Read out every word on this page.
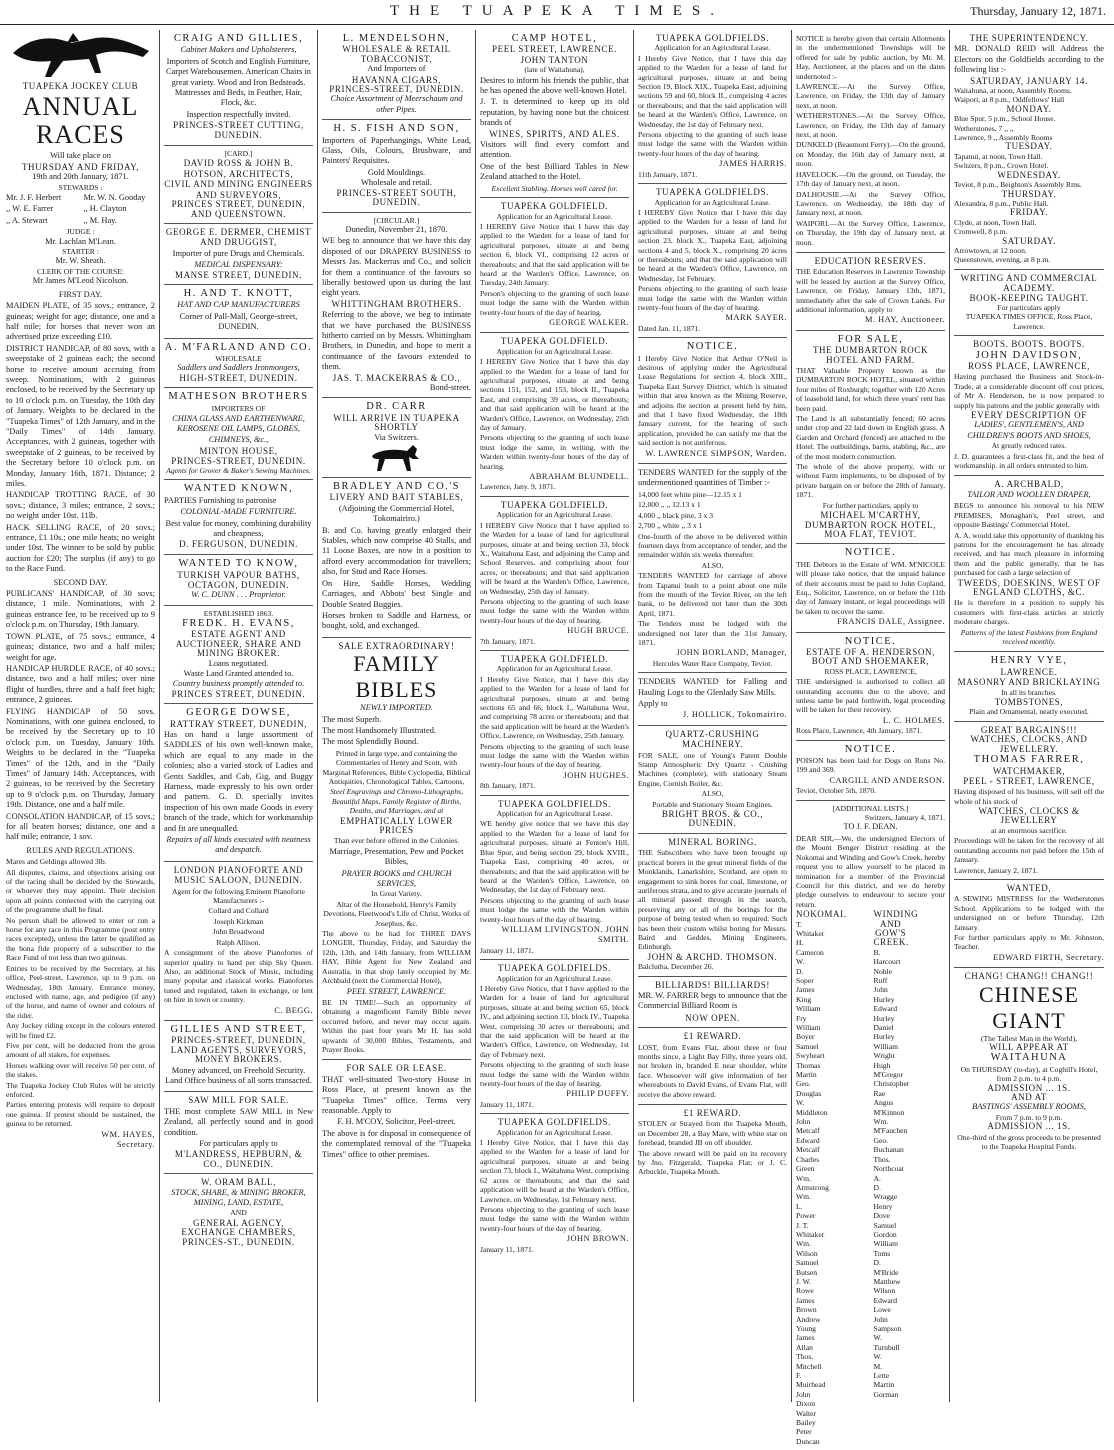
THE TUAPEKA TIMES.	Thursday, January 12, 1871.
TUAPEKA JOCKEY CLUB
ANNUAL RACES
Will take place on
THURSDAY AND FRIDAY,
19th and 20th January, 1871.
STEWARDS :

Mr. J. F. Herbert

,, W. E. Farrer

,, A. Stewart

Mr. W. N. Gooday

,, H. Clayton

,, M. Hay.

JUDGE :
Mr. Lachlan M'Lean.
STARTER :
Mr. W. Sheath.
CLERK OF THE COURSE:
Mr James M'Leod Nicolson.
FIRST DAY.

MAIDEN PLATE, of 35 sovs.; entrance, 2 guineas; weight for age; distance, one and a half mile; for horses that never won an advertised prize exceeding £10.

DISTRICT HANDICAP, of 80 sovs, with a sweepstake of 2 guineas each; the second horse to receive amount accruing from sweep. Nominations, with 2 guineas enclosed, to be received by the Secretary up to 10 o'clock p.m. on Tuesday, the 10th day of January. Weights to be declared in the "Tuapeka Times" of 12th January, and in the "Daily Times" of 14th January. Acceptances, with 2 guineas, together with sweepstake of 2 guineas, to be received by the Secretary before 10 o'clock p.m. on Monday, January 16th, 1871. Distance; 2 miles.

HANDICAP TROTTING RACE, of 30 sovs.; distance, 3 miles; entrance, 2 sovs.; no weight under 10st. 11lb.

HACK SELLING RACE, of 20 sovs.; entrance, £1 10s.; one mile heats; no weight under 10st. The winner to be sold by public auction for £20; The surplus (if any) to go to the Race Fund.

SECOND DAY.

PUBLICANS' HANDICAP, of 30 sovs; distance, 1 mile. Nominations, with 2 guineas entrance fee, to be received up to 9 o'clock p.m. on Thursday, 19th January.

TOWN PLATE, of 75 sovs.; entrance, 4 guineas; distance, two and a half miles; weight for age.

HANDICAP HURDLE RACE, of 40 sovs.; distance, two and a half miles; over nine flight of hurdles, three and a half feet high; entrance, 2 guineas.

FLYING HANDICAP of 50 sovs. Nominations, with one guinea enclosed, to be received by the Secretary up to 10 o'clock p.m. on Tuesday, January 10th. Weights to be declared in the "Tuapeka Times" of the 12th, and in the "Daily Times" of January 14th. Acceptances, with 2 guineas, to be received by the Secretary up to 9 o'clock p.m. on Thursday, January 19th. Distance, one and a half mile.

CONSOLATION HANDICAP, of 15 sovs.; for all beaten horses; distance, one and a half mile; entrance, 1 sov.

RULES AND REGULATIONS.

Mares and Geldings allowed 3lb.

All disputes, claims, and objections arising out of the racing shall be decided by the Stewards, or whoever they may appoint. Their decision upon all points connected with the carrying out of the programme shall be final.

No person shall be allowed to enter or run a horse for any race in this Programme (post entry races excepted), unless the latter be qualified as the bona fide property of a subscriber to the Race Fund of not less than two guineas.

Entries to be received by the Secretary, at his office, Peel-street, Lawrence, up to 9 p.m. on Wednesday, 18th January. Entrance money, enclosed with name, age, and pedigree (if any) of the horse, and name of owner and colours of the rider.

Any Jockey riding except in the colours entered will be fined £2.

Five per cent, will be deducted from the gross amount of all stakes, for expenses.

Horses walking over will receive 50 per cent. of the stakes.

The Tuapeka Jockey Club Rules will be strictly enforced.

Parties entering protests will require to deposit one guinea. If protest should be sustained, the guinea to be returned.

WM. HAYES,
Secretary.
CRAIG AND GILLIES,
Cabinet Makers and Upholsterers,

Importers of Scotch and English Furniture, Carpet Warehousemen. American Chairs in great variety. Wood and Iron Bedsteads. Mattresses and Beds, in Feather, Hair, Flock, &c.

Inspection respectfully invited.

PRINCES-STREET CUTTING, DUNEDIN.

[CARD.]
DAVID ROSS & JOHN B. HOTSON, ARCHITECTS,
CIVIL AND MINING ENGINEERS AND SURVEYORS,
PRINCES STREET, DUNEDIN, AND QUEENSTOWN.
GEORGE E. DERMER, CHEMIST AND DRUGGIST,

Importer of pure Drugs and Chemicals.

MEDICAL DISPENSARY:
MANSE STREET, DUNEDIN.
H. AND T. KNOTT,
HAT AND CAP MANUFACTURERS

Corner of Pall-Mall, George-street, DUNEDIN.

A. M'FARLAND AND CO.
WHOLESALE
Saddlers and Saddlers Ironmongers,
HIGH-STREET, DUNEDIN.
MATHESON BROTHERS
IMPORTERS OF

CHINA GLASS AND EARTHENWARE, KEROSENE OIL LAMPS, GLOBES, CHIMNEYS, &c.,

MINTON HOUSE,
PRINCES-STREET, DUNEDIN.
Agents for Grover & Baker's Sewing Machines.
WANTED KNOWN,

PARTIES Furnishing to patronise

COLONIAL-MADE FURNITURE.

Best value for money, combining durability and cheapness,

D. FERGUSON, DUNEDIN.
WANTED TO KNOW,
TURKISH VAPOUR BATHS,
OCTAGON, DUNEDIN.
W. C. DUNN . . . Proprietor.
ESTABLISHED 1863.
FREDK. H. EVANS,
ESTATE AGENT AND AUCTIONEER, SHARE AND MINING BROKER.
Loans negotiated.
Waste Land Granted attended to.
Country business promptly attended to.
PRINCES STREET, DUNEDIN.
GEORGE DOWSE,
RATTRAY STREET, DUNEDIN,

Has on hand a large assortment of SADDLES of his own well-known make, which are equal to any made in the colonies; also a varied stock of Ladies and Gents Saddles, and Cab, Gig, and Buggy Harness, made expressly to his own order and pattern. G. D. specially invites inspection of his own made Goods in every branch of the trade, which for workmanship and fit are unequalled.

Repairs of all kinds executed with neatness and despatch.

LONDON PIANOFORTE AND MUSIC SALOON, DUNEDIN.

Agent for the following Eminent Pianoforte Manufacturers :-

Collard and Collard

Joseph Kirkman

John Broadwood

Ralph Allison.

A consignment of the above Pianofortes of superior quality to hand per ship Sky Queen. Also, an additional Stock of Music, including many popular and classical works. Pianofortes tuned and regulated, taken in exchange, or lent on hire in town or country.

C. BEGG.
GILLIES AND STREET,
PRINCES-STREET, DUNEDIN,
LAND AGENTS, SURVEYORS, MONEY BROKERS.

Money advanced, on Freehold Security. Land Office business of all sorts transacted.

SAW MILL FOR SALE.

THE most complete SAW MILL in New Zealand, all perfectly sound and in good condition.

For particulars apply to

M'LANDRESS, HEPBURN, & CO., DUNEDIN.
W. ORAM BALL,
STOCK, SHARE, & MINING BROKER, MINING, LAND, ESTATE,
AND
GENERAL AGENCY,
EXCHANGE CHAMBERS, PRINCES-ST., DUNEDIN.
L. MENDELSOHN,
WHOLESALE & RETAIL TOBACCONIST,
And Importers of
HAVANNA CIGARS,
PRINCES-STREET, DUNEDIN.
Choice Assortment of Meerschaum and other Pipes.
H. S. FISH AND SON,

Importers of Paperhangings, White Lead, Glass, Oils, Colours, Brushware, and Painters' Requisites.

Gold Mouldings.
Wholesale and retail.
PRINCES-STREET SOUTH, DUNEDIN.
[CIRCULAR.]
Dunedin, November 21, 1870.

WE beg to announce that we have this day disposed of our DRAPERY BUSINESS to Messrs Jas. Mackerras and Co., and solicit for them a continuance of the favours so liberally bestowed upon us during the last eight years.

WHITTINGHAM BROTHERS.

Referring to the above, we beg to intimate that we have purchased the BUSINESS hitherto carried on by Messrs. Whittingham Brothers, in Dunedin, and hope to merit a continuance of the favours extended to them.

JAS. T. MACKERRAS & CO.,
Bond-street.
DR. CARR
WILL ARRIVE IN TUAPEKA SHORTLY
Via Switzers.
BRADLEY AND CO.'S
LIVERY AND BAIT STABLES,

(Adjoining the Commercial Hotel, Tokomairiro.)

B. and Co. having greatly enlarged their Stables, which now comprise 40 Stalls, and 11 Loose Boxes, are now in a position to afford every accommodation for travellers; also, for Stud and Race Horses.

On Hire, Saddle Horses, Wedding Carriages, and Abbots' best Single and Double Seated Buggies.

Horses broken to Saddle and Harness, or bought, sold, and exchanged.

SALE EXTRAORDINARY!
FAMILY BIBLES
NEWLY IMPORTED.

The most Superb.

The most Handsomely Illustrated.

The most Splendidly Bound.

Printed in large type, and containing the Commentaries of Henry and Scott, with Marginal References, Bible Cyclopedia, Biblical Antiquities, Chronological Tables, Cartoons,

Steel Engravings and Chromo-Lithographs, Beautiful Maps, Family Register of Births, Deaths, and Marriages, and at

EMPHATICALLY LOWER PRICES

Than ever before offered in the Colonies.

Marriage, Presentation, Pew and Pocket Bibles,

PRAYER BOOKS and CHURCH SERVICES,
In Great Variety.

Altar of the Household, Henry's Family Devotions, Fleetwood's Life of Christ, Works of Josephus, &c.

The above to be had for THREE DAYS LONGER, Thursday, Friday, and Saturday the 12th, 13th, and 14th January, from WILLIAM HAY, Bible Agent for New Zealand and Australia, in that shop lately occupied by Mr. Archbald (next the Commercial Hotel),

PEEL STREET, LAWRENCE.

BE IN TIME!—Such an opportunity of obtaining a magnificent Family Bible never occurred before, and never may occur again. Within the past four years Mr H. has sold upwards of 30,000 Bibles, Testaments, and Prayer Books.

FOR SALE OR LEASE.

THAT well-situated Two-story House in Ross Place, at present known as the "Tuapeka Times" office. Terms very reasonable. Apply to

F. H. M'COY, Solicitor, Peel-street.

The above is for disposal in consequence of the contemplated removal of the "Tuapeka Times" office to other premises.

CAMP HOTEL,
PEEL STREET, LAWRENCE.
JOHN TANTON
(late of Waitahuna),

Desires to inform his friends the public, that he has opened the above well-known Hotel.

J. T. is determined to keep up its old reputation, by having none but the choicest brands of

WINES, SPIRITS, AND ALES.

Visitors will find every comfort and attention.

One of the best Billiard Tables in New Zealand attached to the Hotel.

Excellent Stabling. Horses well cared for.
TUAPEKA GOLDFIELD.
Application for an Agricultural Lease.

I HEREBY Give Notice that I have this day applied to the Warden for a lease of land for agricultural purposes, situate at and being section 6, block VI., comprising 12 acres or thereabouts; and that the said application will be heard at the Warden's Office, Lawrence, on Tuesday, 24th January.

Person's objecting to the granting of such lease must lodge the same with the Warden within twenty-four hours of the day of hearing.

GEORGE WALKER.
TUAPEKA GOLDFIELD.
Application for an Agricultural Lease.

I HEREBY Give Notice that I have this day applied to the Warden for a lease of land for agricultural purposes, situate at and being sections 151, 152, and 153, block II., Tuapeka East, and comprising 39 acres, or thereabouts; and that said application will be heard at the Warden's Office, Lawrence, on Wednesday, 25th day of January.

Persons objecting to the granting of such lease must lodge the same, in writing, with the Warden within twenty-four hours of the day of hearing.

ABRAHAM BLUNDELL.
Lawrence, Jany. 9, 1871.
TUAPEKA GOLDFIELD.
Application for an Agricultural Lease.

I HEREBY Give Notice that I have applied to the Warden for a lease of land for agricultural purposes, situate at and being section 33, block X., Waitahuna East, and adjoining the Camp and School Reserves, and comprising about four acres, or thereabouts; and that said application will be heard at the Warden's Office, Lawrence, on Wednesday, 25th day of January.

Persons objecting to the granting of such lease must lodge the same with the Warden within twenty-four hours of the day of hearing.

HUGH BRUCE.
7th January, 1871.
TUAPEKA GOLDFIELD.
Application for an Agricultural Lease.

I Hereby Give Notice, that I have this day applied to the Warden for a lease of land for agricultural purposes, situate at and being sections 65 and 66, block I., Waitahuna West, and comprising 78 acres or thereabouts; and that the said application will be heard at the Warden's Office, Lawrence, on Wednesday, 25th January.

Persons objecting to the granting of such lease must lodge the same with the Warden within twenty-four hours of the day of hearing.

JOHN HUGHES.
8th January, 1871.
TUAPEKA GOLDFIELDS.
Application for an Agricultural Lease.

WE hereby give notice that we have this day applied to the Warden for a lease of land for agricultural purposes, situate at Fenton's Hill, Blue Spur, and being section 29, block XVIII., Tuapeka East, comprising 40 acres, or thereabouts; and that the said application will be heard at the Warden's Office, Lawrence, on Wednesday, the 1st day of February next.

Persons objecting to the granting of such lease must lodge the same with the Warden within twenty-four hours of the day of hearing.

WILLIAM LIVINGSTON. JOHN SMITH.
January 11, 1871.
TUAPEKA GOLDFIELDS.
Application for an Agricultural Lease.

I Hereby Give Notice, that I have applied to the Warden for a lease of land for agricultural purposes, situate at and being section 65, block IV., and adjoining section 13, block IV., Tuapeka West, comprising 30 acres or thereabouts; and that the said application will be heard at the Warden's Office, Lawrence, on Wednesday, 1st day of February next.

Persons objecting to the granting of such lease must lodge the same with the Warden within twenty-four hours of the day of hearing.

PHILIP DUFFY.
January 11, 1871.
TUAPEKA GOLDFIELDS.
Application for an Agricultural Lease.

I Hereby Give Notice, that I have this day applied to the Warden for a lease of land for agricultural purposes, situate at and being section 73, block I., Waitahuna West, comprising 62 acres or thereabouts; and that the said application will be heard at the Warden's Office, Lawrence, on Wednesday, 1st February next.

Persons objecting to the granting of such lease must lodge the same with the Warden within twenty-four hours of the day of hearing.

JOHN BROWN.
January 11, 1871.
TUAPEKA GOLDFIELDS.
Application for an Agricultural Lease.

I Hereby Give Notice, that I have this day applied to the Warden for a lease of land for agricultural purposes, situate at and being Section 19, Block XIX., Tuapeka East, adjoining sections 59 and 60, block II., comprising 4 acres or thereabouts; and that the said application will be heard at the Warden's Office, Lawrence, on Wednesday, the 1st day of February next.

Persons objecting to the granting of such lease must lodge the same with the Warden within twenty-four hours of the day of hearing.

JAMES HARRIS.
11th January, 1871.
TUAPEKA GOLDFIELDS.
Application for an Agricultural Lease.

I HEREBY Give Notice that I have this day applied to the Warden for a lease of land for agricultural purposes, situate at and being section 23, block X., Tuapeka East, adjoining sections 4 and 5, block X., comprising 20 acres or thereabouts; and that the said application will be heard at the Warden's Office, Lawrence, on Wednesday, 1st February.

Persons objecting to the granting of such lease must lodge the same with the Warden within twenty-four hours of the day of hearing.

MARK SAYER.
Dated Jan. 11, 1871.
NOTICE.

I Hereby Give Notice that Arthur O'Neil is desirous of applying under the Agricultural Lease Regulations for section 4, block XIII., Tuapeka East Survey District, which is situated within that area known as the Mining Reserve, and adjoins the section at present held by him, and that I have fixed Wednesday, the 18th January current, for the hearing of such application, provided he can satisfy me that the said section is not auriferous.

W. LAWRENCE SIMPSON, Warden.

TENDERS WANTED for the supply of the undermentioned quantities of Timber :-

14,000 feet white pine—12.15 x 1

12,000 ,, ,, 12.13 x 1

4,000 ,, black pine, 3 x 3

2,700 ,, white ,, 3 x 1

One-fourth of the above to be delivered within fourteen days from acceptance of tender, and the remainder within six weeks thereafter.

ALSO,

TENDERS WANTED for carriage of above from Tapanui bush to a point about one mile from the mouth of the Teviot River, on the left bank, to be delivered not later than the 30th April, 1871.

The Tenders must be lodged with the undersigned not later than the 31st January, 1871.

JOHN BORLAND, Manager,
Hercules Water Race Company, Teviot.

TENDERS WANTED for Falling and Hauling Logs to the Glenlady Saw Mills.

Apply to

J. HOLLICK, Tokomairiro.
QUARTZ-CRUSHING MACHINERY.

FOR SALE, one of Young's Patent Double Stamp Atmospheric Dry Quartz - Crushing Machines (complete), with stationary Steam Engine, Cornish Boiler, &c.

ALSO,

Portable and Stationary Steam Engines.

BRIGHT BROS. & CO., DUNEDIN.
MINERAL BORING.

THE Subscribers who have been brought up practical borers in the great mineral fields of the Monklands, Lanarkshire, Scotland, are open to engagement to sink bores for coal, limestone, or auriferous strata, and to give accurate journals of all mineral passed through in the search, preserving any or all of the borings for the purpose of being tested when so required. Such has been their custom whilst boring for Messrs. Baird and Geddes, Mining Engineers, Edinburgh.

JOHN & ARCHD. THOMSON.
Balclutha, December 26.
BILLIARDS! BILLIARDS!

MR. W. FARRER begs to announce that the Commercial Billiard Room is

NOW OPEN.
£1 REWARD.

LOST, from Evans Flat, about three or four months since, a Light Bay Filly, three years old, not broken in, branded E near shoulder, white face. Whosoever will give information of her whereabouts to David Evans, of Evans Flat, will receive the above reward.

£1 REWARD.

STOLEN or Strayed from the Tuapeka Mouth, on December 28, a Bay Mare, with white star on forehead, branded JB on off shoulder.

The above reward will be paid on its recovery by Jno. Fitzgerald, Tuapeka Flat; or J. C. Arbuckle, Tuapeka Mouth.

NOTICE is hereby given that certain Allotments in the undermentioned Townships will be offered for sale by public auction, by Mr. M. Hay, Auctioneer, at the places and on the dates undernoted :-

LAWRENCE.—At the Survey Office, Lawrence, on Friday, the 13th day of January next, at noon.

WETHERSTONES.—At the Survey Office, Lawrence, on Friday, the 13th day of January next, at noon.

DUNKELD (Beaumont Ferry).—On the ground, on Monday, the 16th day of January next, at noon.

HAVELOCK.—On the ground, on Tuesday, the 17th day of January next, at noon.

DALHOUSIE.—At the Survey Office, Lawrence, on Wednesday, the 18th day of January next, at noon.

WAIPORI.—At the Survey Office, Lawrence, on Thursday, the 19th day of January next, at noon.

EDUCATION RESERVES.

THE Education Reserves in Lawrence Township will be leased by auction at the Survey Office, Lawrence, on Friday, January 13th, 1871, immediately after the sale of Crown Lands. For additional information, apply to

M. HAY, Auctioneer.
FOR SALE,
THE DUMBARTON ROCK HOTEL AND FARM.

THAT Valuable Property known as the DUMBARTON ROCK HOTEL, situated within four miles of Roxburgh; together with 120 Acres of leasehold land, for which three years' rent has been paid.

The Land is all substantially fenced; 60 acres under crop and 22 laid down in English grass. A Garden and Orchard (fenced) are attached to the Hotel. The outbuildings, barns, stabling, &c., are of the most modern construction.

The whole of the above property, with or without Farm implements, to be disposed of by private bargain on or before the 28th of January, 1871.

For further particulars, apply to

MICHAEL M'CARTHY, DUMBARTON ROCK HOTEL, MOA FLAT, TEVIOT.
NOTICE.

THE Debtors in the Estate of WM. M'NICOLE will please take notice, that the unpaid balance of their accounts must be paid to John Copland, Esq., Solicitor, Lawrence, on or before the 11th day of January instant, or legal proceedings will be taken to recover the same.

FRANCIS DALE, Assignee.
NOTICE.
ESTATE OF A. HENDERSON, BOOT AND SHOEMAKER,
ROSS PLACE, LAWRENCE,

THE undersigned is authorised to collect all outstanding accounts due to the above, and unless same be paid forthwith, legal proceeding will be taken for their recovery.

L. C. HOLMES.
Ross Place, Lawrence, 4th January, 1871.
NOTICE.

POISON has been laid for Dogs on Runs No. 199 and 369.

CARGILL AND ANDERSON.
Teviot, October 5th, 1870.
[ADDITIONAL LISTS.]
Switzers, January 4, 1871.
TO J. F. DEAN.

DEAR SIR,—We, the undersigned Electors of the Mount Benger District residing at the Nokomai and Winding and Gow's Creek, hereby request you to allow yourself to be placed in nomination for a member of the Provincial Council for this district, and we do hereby pledge ourselves to endeavour to secure your return.

NOKOMAI.
T. Whitaker
H. Cameron
W. D. Soper
James King
William Fry
William Boyer
Samuel Swyheart
Thomas Martin
Geo. Douglas
W. Middleton
John Metcalf
Edward Metcalf
Charles Green
Wm. Armstrong
Wm. L. Power
J. T. Whitaker
Wm. Wilson
Samuel Butsen
J. W. Rowe
James Brown
Andrew Young
James Allan
Thos. Mitchell
F. Muirhead
John Dixon
Walter Bailey
Peter Duncan
WINDING AND GOW'S CREEK.
B. Harcourt
Noble Ruff
John Hurley
Edward Hurley
Daniel Hurley
William Wright
Hugh M'Gregor
Christopher Rae
Angus M'Kinnon
Wm. M'Fauchen
Geo. Buchanan
Thos. Northcoat
A. D. Wragge
Henry Dove
Samuel Gordon
William Toms
D. M'Bride
Matthew Wilson
Edward Lowe
John Sampson
W. Turnbull
W. M. Lette
Martin Gorman
THE SUPERINTENDENCY.

MR. DONALD REID will Address the Electors on the Goldfields according to the following list :-

SATURDAY, JANUARY 14.
Waitahuna, at noon, Assembly Rooms.
Waipori, at 8 p.m., Oddfellows' Hall
MONDAY.
Blue Spur, 5 p.m., School House.
Wetherstones, 7 ,, ,,
Lawrence, 9 ,, Assembly Rooms
TUESDAY.
Tapanui, at noon, Town Hall.
Switzers, 8 p.m., Crown Hotel.
WEDNESDAY.
Teviot, 8 p.m., Beighton's Assembly Rms.
THURSDAY.
Alexandra, 8 p.m., Public Hall.
FRIDAY.
Clyde, at noon, Town Hall.
Cromwell, 8 p.m.
SATURDAY.
Arrowtown, at 12 noon.
Queenstown, evening, at 8 p.m.
WRITING AND COMMERCIAL ACADEMY.
BOOK-KEEPING TAUGHT.
For particulars apply
TUAPEKA TIMES OFFICE, Ross Place, Lawrence.
BOOTS. BOOTS. BOOTS.
JOHN DAVIDSON,
ROSS PLACE, LAWRENCE,

Having purchased the Business and Stock-in-Trade, at a considerable discount off cost prices, of Mr A. Henderson, he is now prepared to supply his patrons and the public generally with

EVERY DESCRIPTION OF
LADIES', GENTLEMEN'S, AND CHILDREN'S BOOTS AND SHOES,
At greatly reduced rates.

J. D. guarantees a first-class fit, and the best of workmanship. in all orders entrusted to him.

A. ARCHBALD,
TAILOR AND WOOLLEN DRAPER,

BEGS to announce his removal to his NEW PREMISES, Monaghan's, Peel street, and opposite Bastings' Commercial Hotel.

A. A. would take this opportunity of thanking his patrons for the encouragement he has already received, and has much pleasure in informing them and the public generally, that he has purchased for cash a large selection of

TWEEDS, DOESKINS, WEST OF ENGLAND CLOTHS, &C.

He is therefore in a position to supply his customers with first-class articles at strictly moderate charges.

Patterns of the latest Fashions from England received monthly.

HENRY VYE,
LAWRENCE.
MASONRY AND BRICKLAYING
In all its branches.
TOMBSTONES,
Plain and Ornamental, neatly executed.
GREAT BARGAINS!!!
WATCHES, CLOCKS, AND JEWELLERY.
THOMAS FARRER,
WATCHMAKER,
PEEL - STREET, LAWRENCE,

Having disposed of his business, will sell off the whole of his stock of

WATCHES, CLOCKS & JEWELLERY
at an enormous sacrifice.

Proceedings will be taken for the recovery of all outstanding accounts not paid before the 15th of January.

Lawrence, January 2, 1871.
WANTED,

A SEWING MISTRESS for the Wetherstones School. Applications to be lodged with the undersigned on or before Thursday, 12th January.

For further particulars apply to Mr. Johnston, Teacher.

EDWARD FIRTH, Secretary.
CHANG! CHANG!! CHANG!!
CHINESE GIANT
(The Tallest Man in the World),
WILL APPEAR AT
WAITAHUNA
On THURSDAY (to-day), at Coghill's Hotel, from 2 p.m. to 4 p.m.
ADMISSION ... 1S.
AND AT
BASTINGS' ASSEMBLY ROOMS,
From 7 p.m. to 9 p.m.
ADMISSION ... 1S.

One-third of the gross proceeds to be presented to the Tuapeka Hospital Funds.
